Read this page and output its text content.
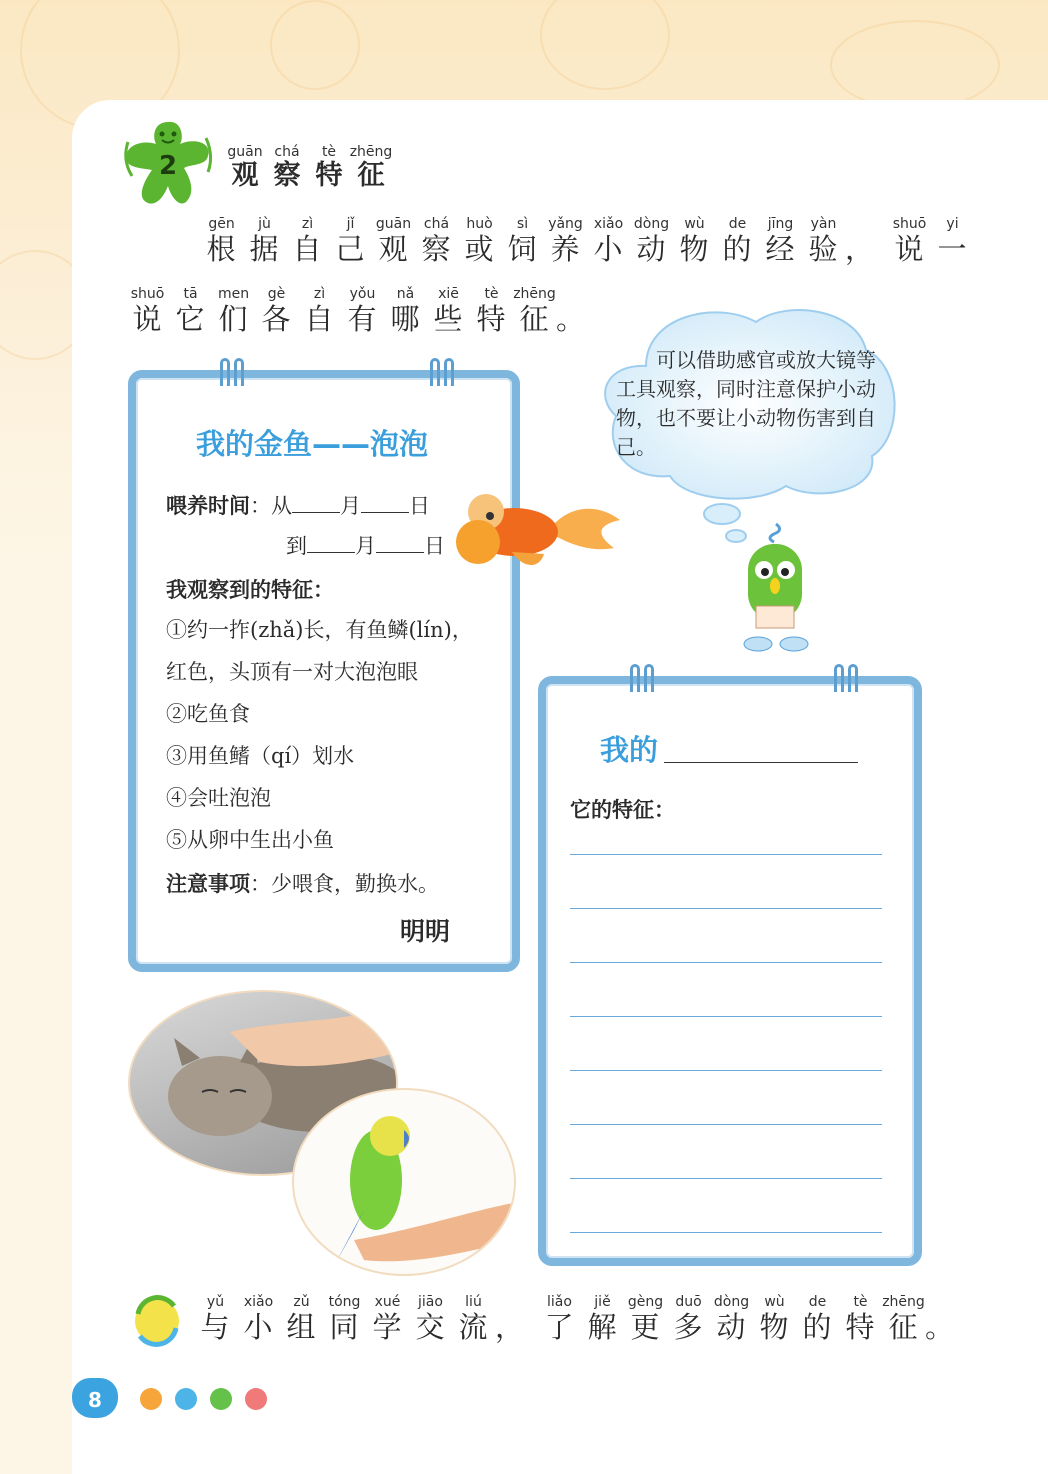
2	guān
观
chá
察
tè
特
zhēng
征
gēn
根
jù
据
zì
自
jǐ
己
guān
观
chá
察
huò
或
sì
饲
yǎng
养
xiǎo
小
dòng
动
wù
物
de
的
jīng
经
yàn
验 ，
shuō
说
yi
一
shuō
说
tā
它
men
们
gè
各
zì
自
yǒu
有
nǎ
哪
xiē
些
tè
特
zhēng
征 。
我的金鱼——泡泡
喂养时间：从 月 日
到 月 日
我观察到的特征：
①约一拃(zhǎ)长，有鱼鳞(lín)，
红色，头顶有一对大泡泡眼
②吃鱼食
③用鱼鳍（qí）划水
④会吐泡泡
⑤从卵中生出小鱼
注意事项：少喂食，勤换水。
明明
　　可以借助感官或放大镜等工具观察，同时注意保护小动物，也不要让小动物伤害到自己。
我的
它的特征：
yǔ
与
xiǎo
小
zǔ
组
tóng
同
xué
学
jiāo
交
liú
流 ，
liǎo
了
jiě
解
gèng
更
duō
多
dòng
动
wù
物
de
的
tè
特
zhēng
征 。
8
